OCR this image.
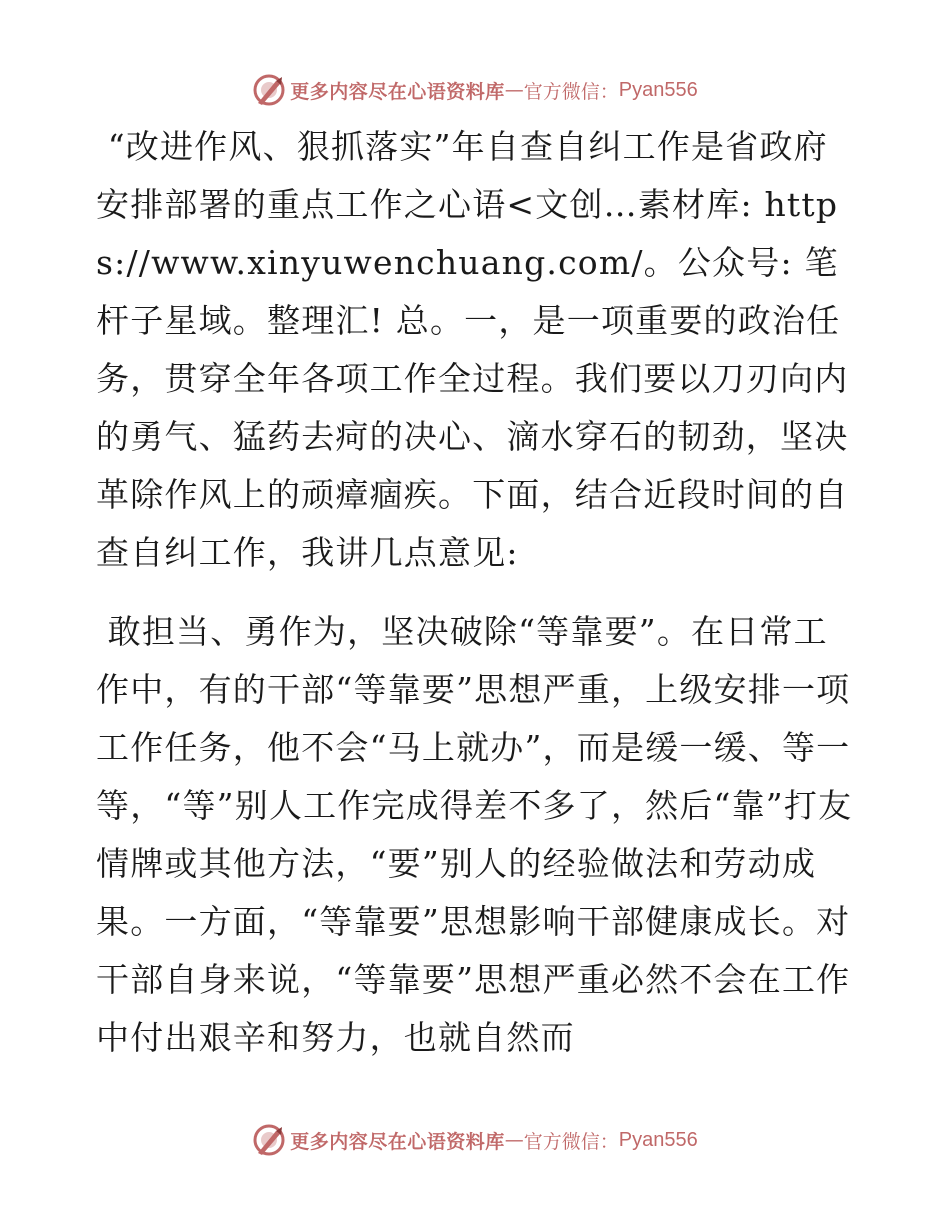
更多内容尽在心语资料库 — 官方微信： Pyan556

“改进作风、狠抓落实”年自查自纠工作是省政府安排部署的重点工作之心语<文创…素材库: https://www.xinyuwenchuang.com/。公众号: 笔杆子星域。整理汇! 总。一，是一项重要的政治任务，贯穿全年各项工作全过程。我们要以刀刃向内的勇气、猛药去疴的决心、滴水穿石的韧劲，坚决革除作风上的顽瘴痼疾。下面，结合近段时间的自查自纠工作，我讲几点意见:

敢担当、勇作为，坚决破除“等靠要”。在日常工作中，有的干部“等靠要”思想严重，上级安排一项工作任务，他不会“马上就办”，而是缓一缓、等一等，“等”别人工作完成得差不多了，然后“靠”打友情牌或其他方法，“要”别人的经验做法和劳动成果。一方面，“等靠要”思想影响干部健康成长。对干部自身来说，“等靠要”思想严重必然不会在工作中付出艰辛和努力，也就自然而

更多内容尽在心语资料库 — 官方微信： Pyan556
